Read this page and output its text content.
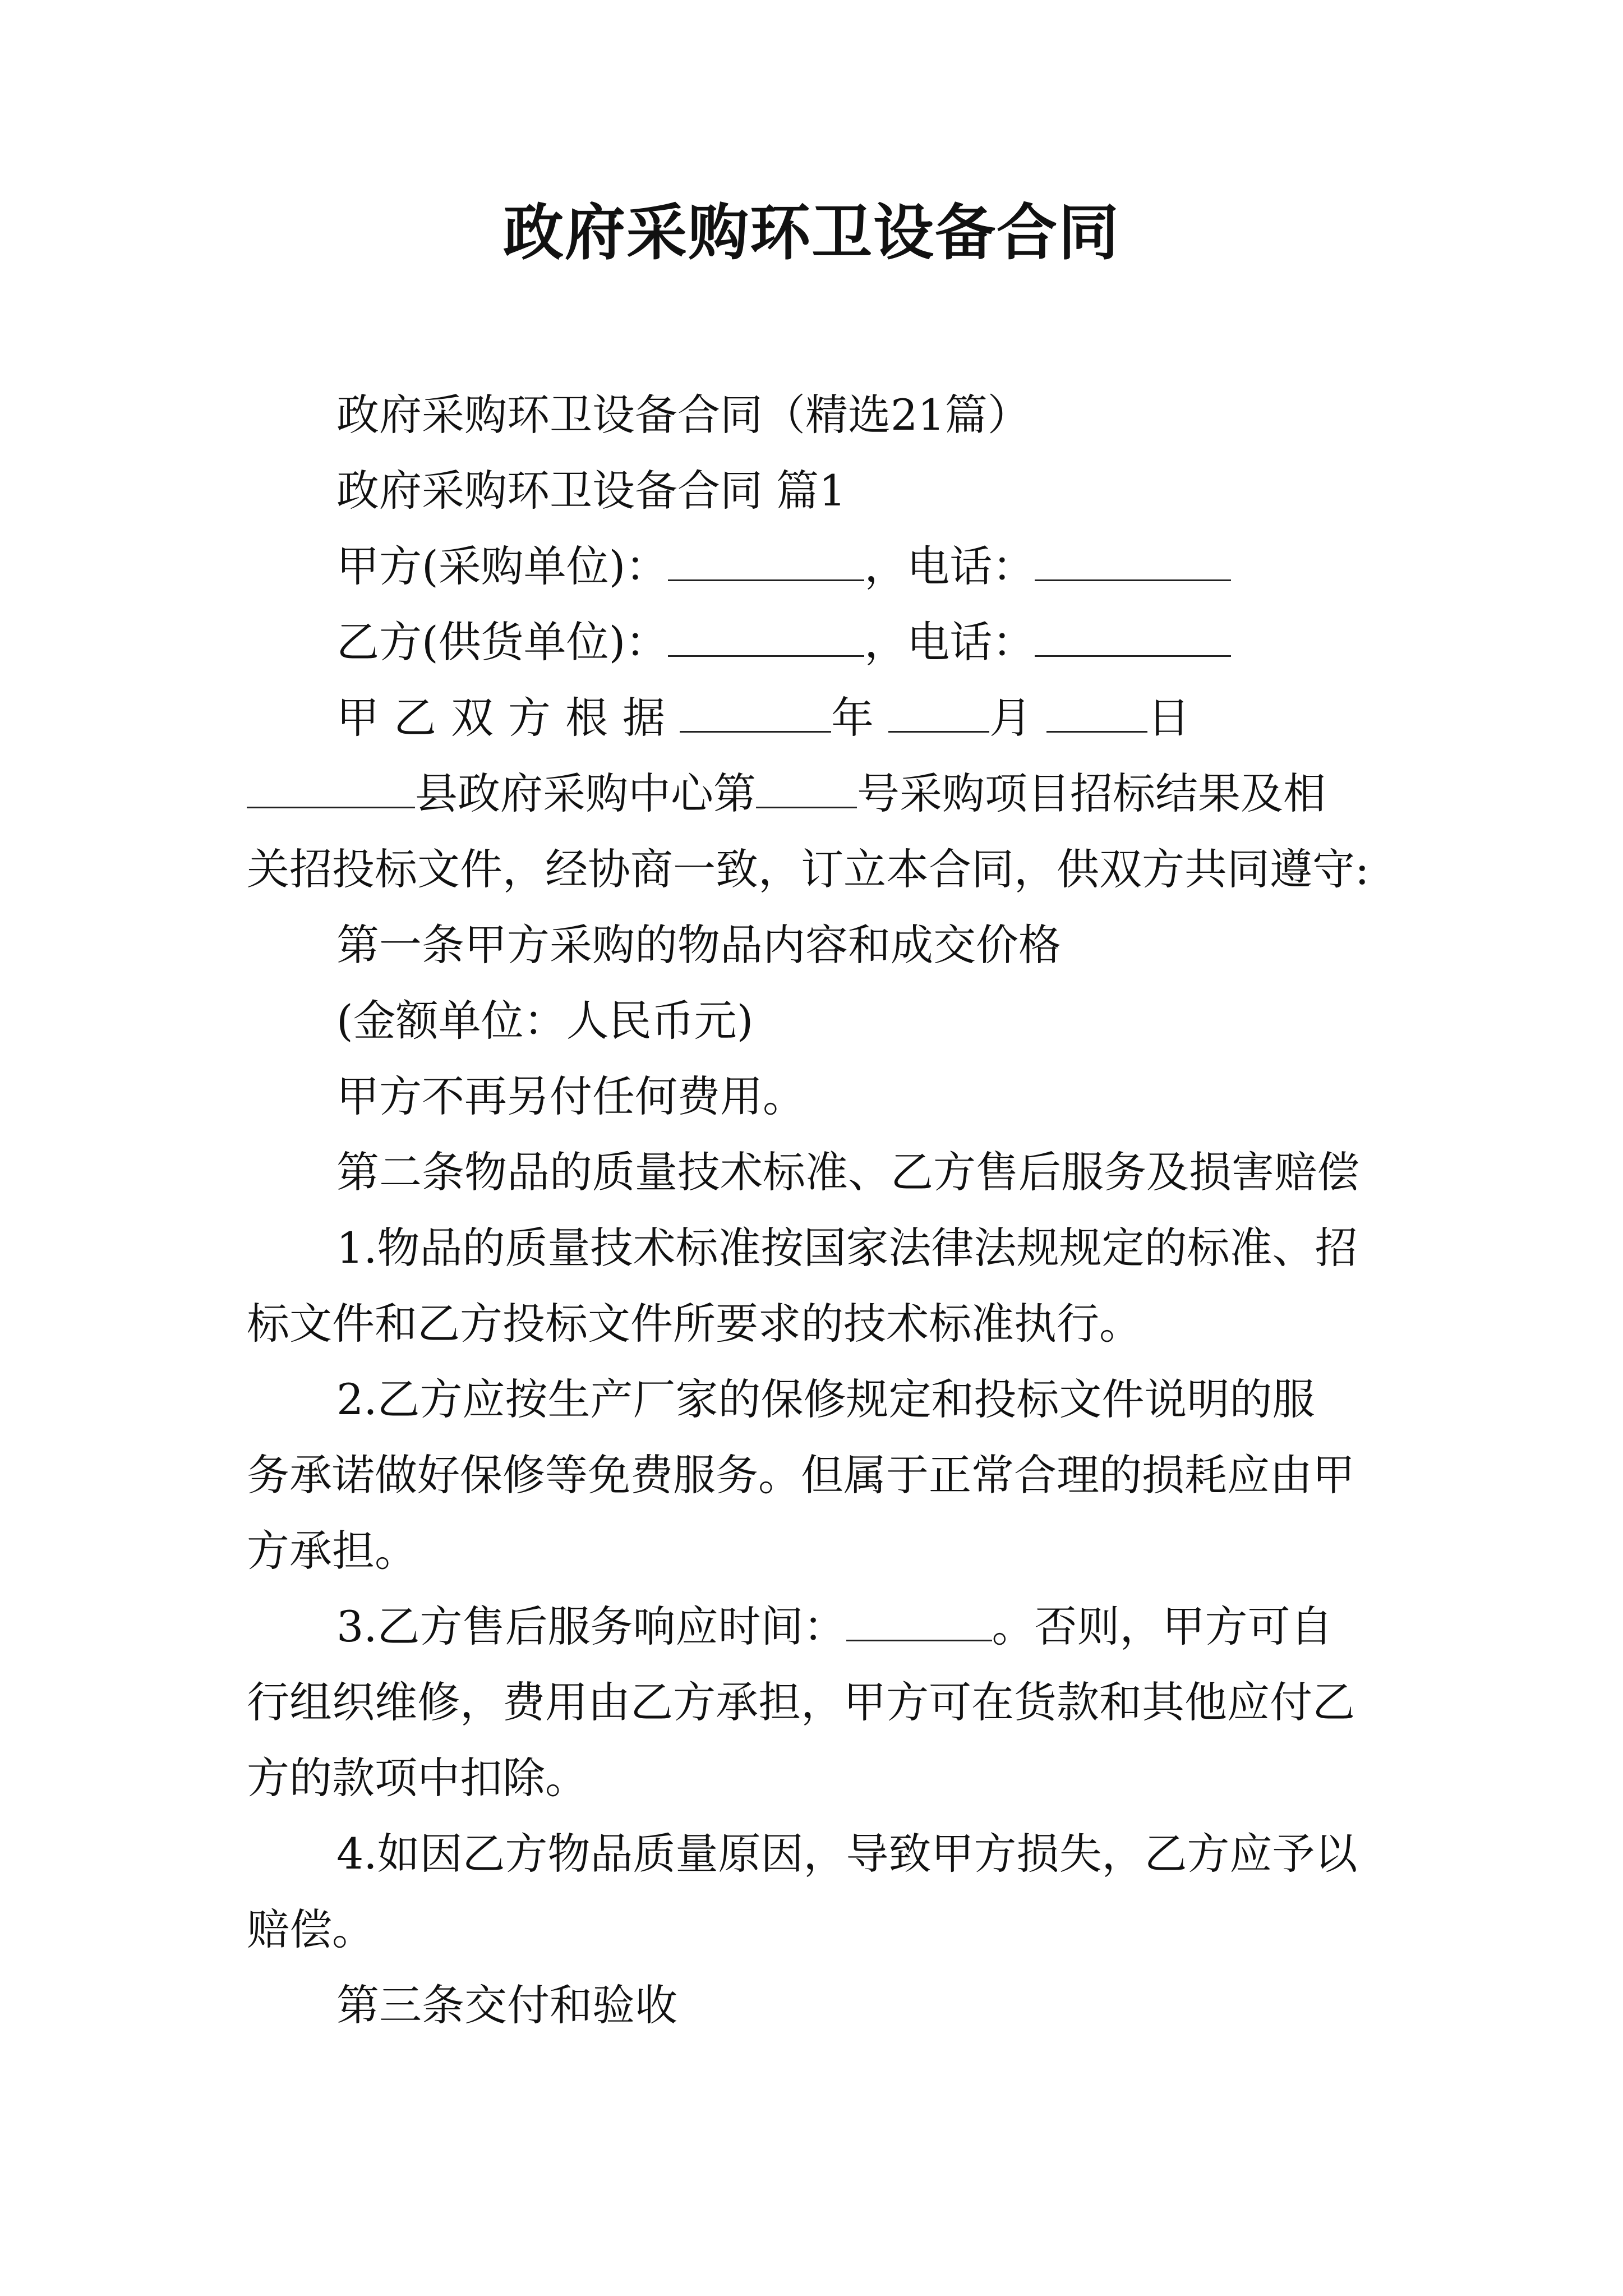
政府采购环卫设备合同
政府采购环卫设备合同（精选21篇）
政府采购环卫设备合同 篇1
甲方(采购单位)：	，电话：
乙方(供货单位)：	，电话：
甲乙双方根据	年 月 日
县政府采购中心第 号采购项目招标结果及相
关招投标文件，经协商一致，订立本合同，供双方共同遵守:
第一条甲方采购的物品内容和成交价格
(金额单位：人民币元)
甲方不再另付任何费用。
第二条物品的质量技术标准、乙方售后服务及损害赔偿
1.物品的质量技术标准按国家法律法规规定的标准、招
标文件和乙方投标文件所要求的技术标准执行。
2.乙方应按生产厂家的保修规定和投标文件说明的服
务承诺做好保修等免费服务。但属于正常合理的损耗应由甲
方承担。
3.乙方售后服务响应时间：	。否则，甲方可自
行组织维修，费用由乙方承担，甲方可在货款和其他应付乙
方的款项中扣除。
4.如因乙方物品质量原因，导致甲方损失，乙方应予以
赔偿。
第三条交付和验收
